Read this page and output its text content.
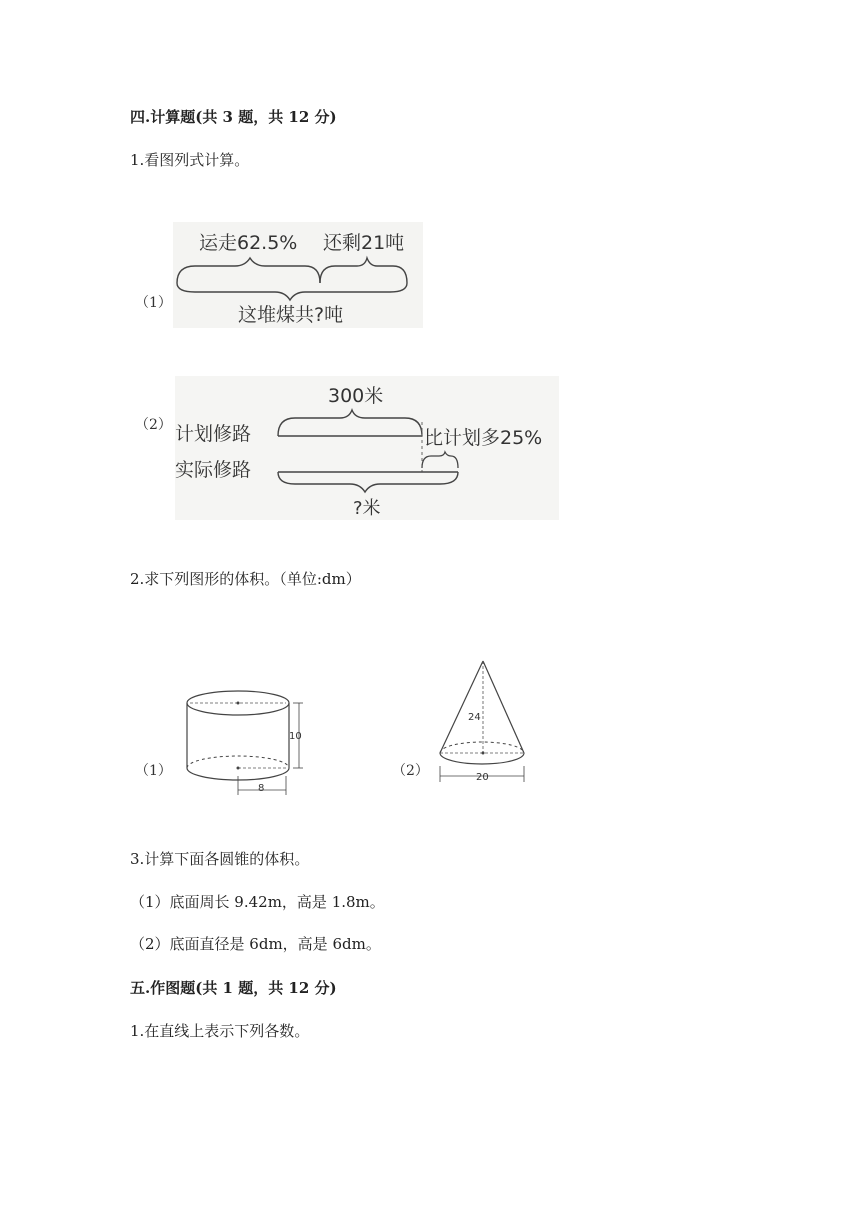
四.计算题(共 3 题，共 12 分)
1.看图列式计算。
（1）
运走62.5% 还剩21吨
这堆煤共?吨
（2）
300米
计划修路	比计划多25%
实际修路
?米
2.求下列图形的体积。（单位:dm）
（1）
10
8
（2）
24
20
3.计算下面各圆锥的体积。
（1）底面周长 9.42m，高是 1.8m。
（2）底面直径是 6dm，高是 6dm。
五.作图题(共 1 题，共 12 分)
1.在直线上表示下列各数。
